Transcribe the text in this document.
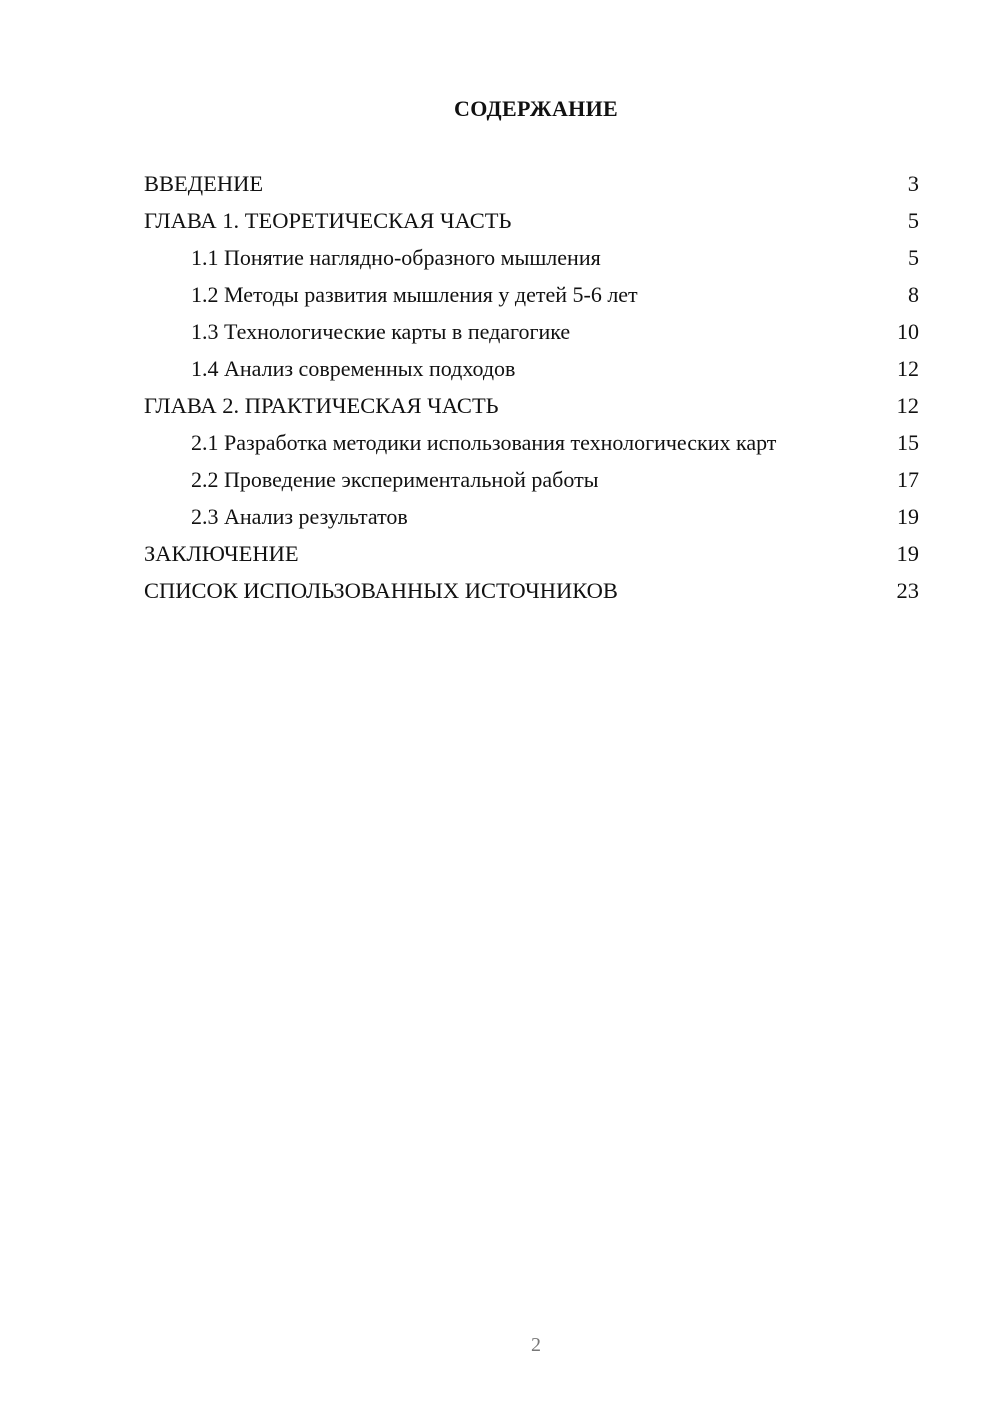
СОДЕРЖАНИЕ
ВВЕДЕНИЕ	3
ГЛАВА 1. ТЕОРЕТИЧЕСКАЯ ЧАСТЬ	5
1.1 Понятие наглядно-образного мышления	5
1.2 Методы развития мышления у детей 5-6 лет	8
1.3 Технологические карты в педагогике	10
1.4 Анализ современных подходов	12
ГЛАВА 2. ПРАКТИЧЕСКАЯ ЧАСТЬ	12
2.1 Разработка методики использования технологических карт	15
2.2 Проведение экспериментальной работы	17
2.3 Анализ результатов	19
ЗАКЛЮЧЕНИЕ	19
СПИСОК ИСПОЛЬЗОВАННЫХ ИСТОЧНИКОВ	23
2
